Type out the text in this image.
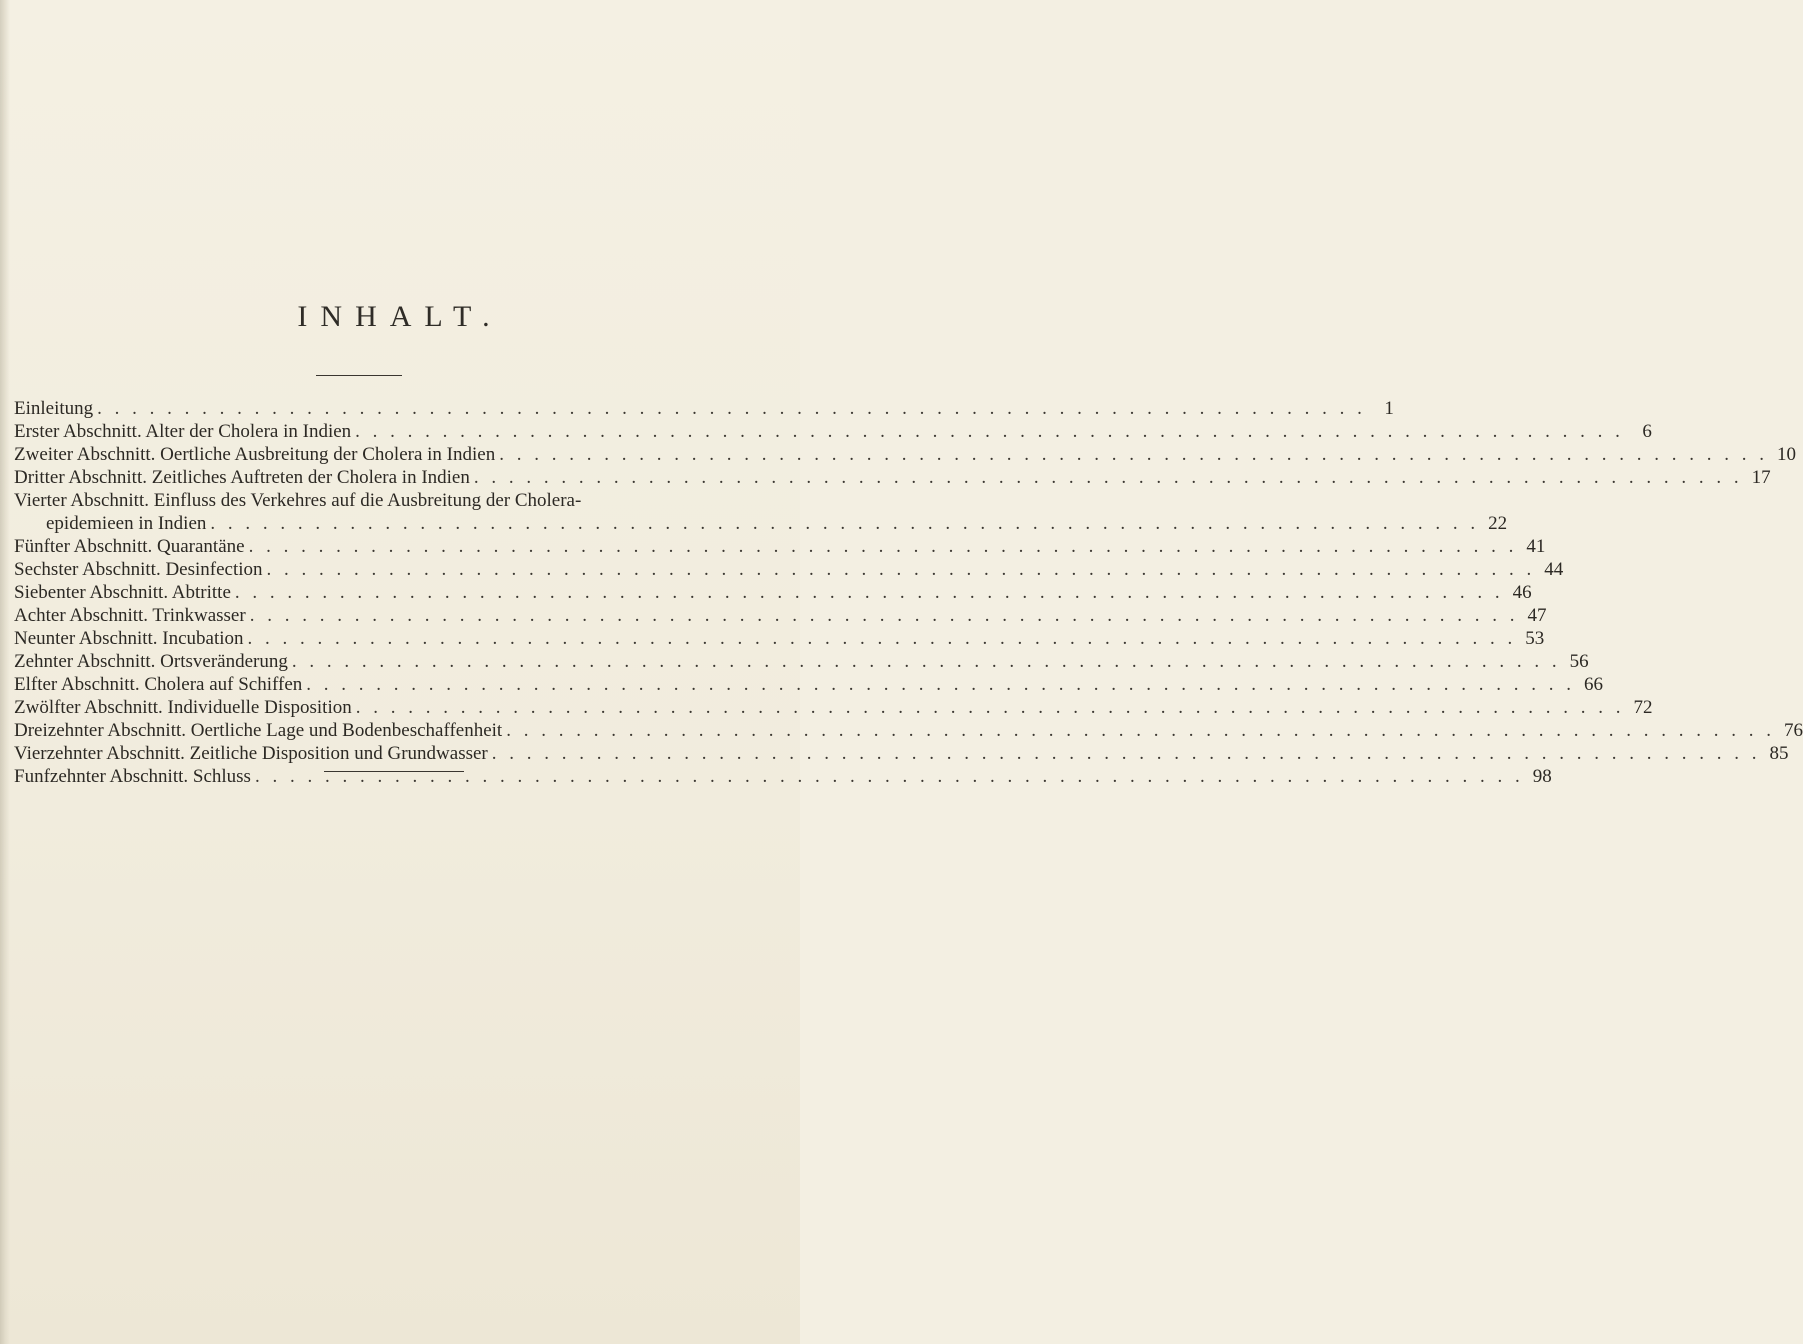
INHALT.
Einleitung . . . . . . . . . . . . . . . . . . . . . . . . . . . . . . . . . . . . . . . . . . . . . . . . . . . . . . . . . . . . . . . . . . . . . . . . . 1
Erster Abschnitt. Alter der Cholera in Indien . . . . . . . . . . . . . . . . . . . . . . . . . . . . . . . . . . . . . . . . . . . . . . . . . . . . . . . . . . . . . . . . . . . . . . . . . 6
Zweiter Abschnitt. Oertliche Ausbreitung der Cholera in Indien . . . . . . . . . . . . . . . . . . . . . . . . . . . . . . . . . . . . . . . . . . . . . . . . . . . . . . . . . . . . . . . . . . . . . . . . . 10
Dritter Abschnitt. Zeitliches Auftreten der Cholera in Indien . . . . . . . . . . . . . . . . . . . . . . . . . . . . . . . . . . . . . . . . . . . . . . . . . . . . . . . . . . . . . . . . . . . . . . . . . 17
Vierter Abschnitt. Einfluss des Verkehres auf die Ausbreitung der Cholera-
epidemieen in Indien . . . . . . . . . . . . . . . . . . . . . . . . . . . . . . . . . . . . . . . . . . . . . . . . . . . . . . . . . . . . . . . . . . . . . . . . . 22
Fünfter Abschnitt. Quarantäne . . . . . . . . . . . . . . . . . . . . . . . . . . . . . . . . . . . . . . . . . . . . . . . . . . . . . . . . . . . . . . . . . . . . . . . . . 41
Sechster Abschnitt. Desinfection . . . . . . . . . . . . . . . . . . . . . . . . . . . . . . . . . . . . . . . . . . . . . . . . . . . . . . . . . . . . . . . . . . . . . . . . . 44
Siebenter Abschnitt. Abtritte . . . . . . . . . . . . . . . . . . . . . . . . . . . . . . . . . . . . . . . . . . . . . . . . . . . . . . . . . . . . . . . . . . . . . . . . . 46
Achter Abschnitt. Trinkwasser . . . . . . . . . . . . . . . . . . . . . . . . . . . . . . . . . . . . . . . . . . . . . . . . . . . . . . . . . . . . . . . . . . . . . . . . . 47
Neunter Abschnitt. Incubation . . . . . . . . . . . . . . . . . . . . . . . . . . . . . . . . . . . . . . . . . . . . . . . . . . . . . . . . . . . . . . . . . . . . . . . . . 53
Zehnter Abschnitt. Ortsveränderung . . . . . . . . . . . . . . . . . . . . . . . . . . . . . . . . . . . . . . . . . . . . . . . . . . . . . . . . . . . . . . . . . . . . . . . . . 56
Elfter Abschnitt. Cholera auf Schiffen . . . . . . . . . . . . . . . . . . . . . . . . . . . . . . . . . . . . . . . . . . . . . . . . . . . . . . . . . . . . . . . . . . . . . . . . . 66
Zwölfter Abschnitt. Individuelle Disposition . . . . . . . . . . . . . . . . . . . . . . . . . . . . . . . . . . . . . . . . . . . . . . . . . . . . . . . . . . . . . . . . . . . . . . . . . 72
Dreizehnter Abschnitt. Oertliche Lage und Bodenbeschaffenheit . . . . . . . . . . . . . . . . . . . . . . . . . . . . . . . . . . . . . . . . . . . . . . . . . . . . . . . . . . . . . . . . . . . . . . . . . 76
Vierzehnter Abschnitt. Zeitliche Disposition und Grundwasser . . . . . . . . . . . . . . . . . . . . . . . . . . . . . . . . . . . . . . . . . . . . . . . . . . . . . . . . . . . . . . . . . . . . . . . . . 85
Funfzehnter Abschnitt. Schluss . . . . . . . . . . . . . . . . . . . . . . . . . . . . . . . . . . . . . . . . . . . . . . . . . . . . . . . . . . . . . . . . . . . . . . . . . 98
